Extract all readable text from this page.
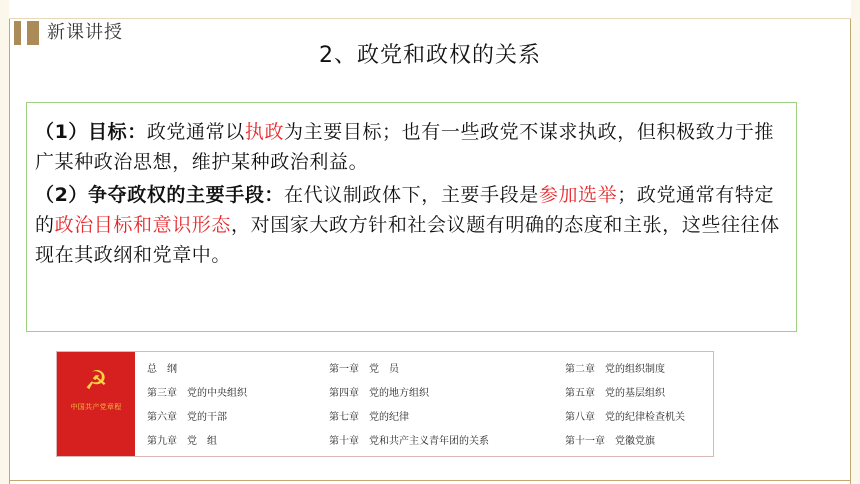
新课讲授
2、政党和政权的关系

（1）目标：政党通常以执政为主要目标；也有一些政党不谋求执政，但积极致力于推广某种政治思想，维护某种政治利益。

（2）争夺政权的主要手段：在代议制政体下，主要手段是参加选举；政党通常有特定的政治目标和意识形态，对国家大政方针和社会议题有明确的态度和主张，这些往往体现在其政纲和党章中。

☭
中国共产党章程
总　纲	第一章　党　员	第二章　党的组织制度
第三章　党的中央组织	第四章　党的地方组织	第五章　党的基层组织
第六章　党的干部	第七章　党的纪律	第八章　党的纪律检查机关
第九章　党　组	第十章　党和共产主义青年团的关系	第十一章　党徽党旗
